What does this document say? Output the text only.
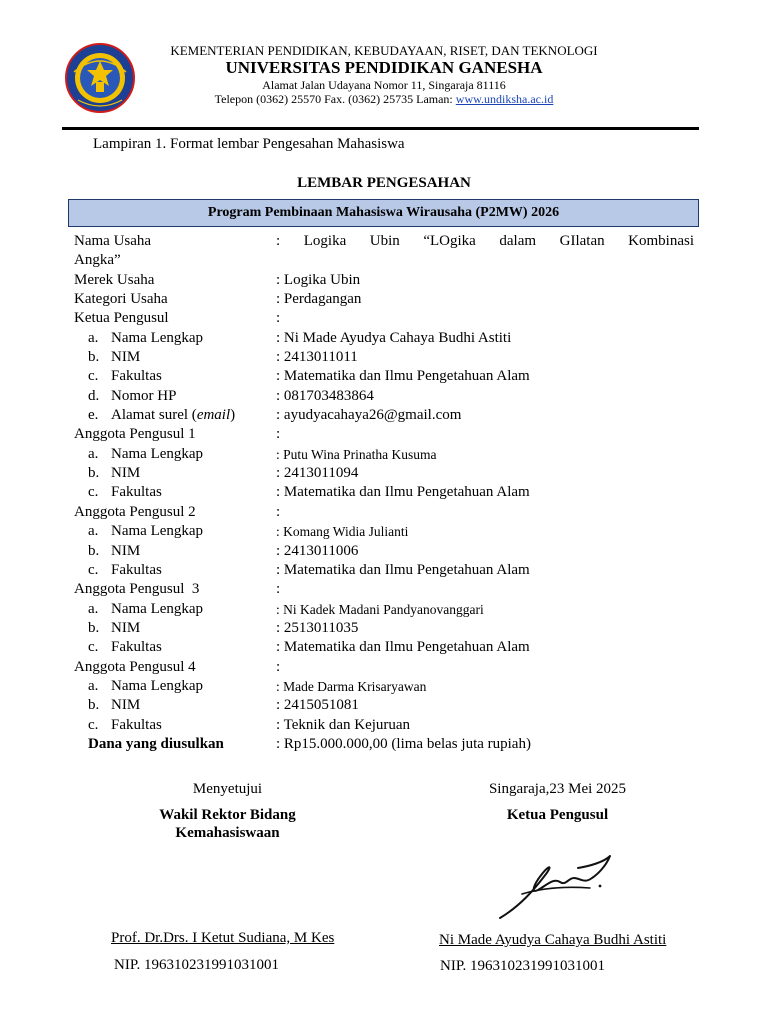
KEMENTERIAN PENDIDIKAN, KEBUDAYAAN, RISET, DAN TEKNOLOGI
UNIVERSITAS PENDIDIKAN GANESHA
Alamat Jalan Udayana Nomor 11, Singaraja 81116
Telepon (0362) 25570 Fax. (0362) 25735 Laman: www.undiksha.ac.id
Lampiran 1. Format lembar Pengesahan Mahasiswa
LEMBAR PENGESAHAN
Program Pembinaan Mahasiswa Wirausaha (P2MW) 2026
Nama Usaha	: Logika Ubin “LOgika dalam GIlatan Kombinasi
Angka”
Merek Usaha	: Logika Ubin
Kategori Usaha	: Perdagangan
Ketua Pengusul	:
a. Nama Lengkap	: Ni Made Ayudya Cahaya Budhi Astiti
b. NIM	: 2413011011
c. Fakultas	: Matematika dan Ilmu Pengetahuan Alam
d. Nomor HP	: 081703483864
e. Alamat surel (email)	: ayudyacahaya26@gmail.com
Anggota Pengusul 1	:
a. Nama Lengkap	: Putu Wina Prinatha Kusuma
b. NIM	: 2413011094
c. Fakultas	: Matematika dan Ilmu Pengetahuan Alam
Anggota Pengusul 2	:
a. Nama Lengkap	: Komang Widia Julianti
b. NIM	: 2413011006
c. Fakultas	: Matematika dan Ilmu Pengetahuan Alam
Anggota Pengusul  3	:
a. Nama Lengkap	: Ni Kadek Madani Pandyanovanggari
b. NIM	: 2513011035
c. Fakultas	: Matematika dan Ilmu Pengetahuan Alam
Anggota Pengusul 4	:
a. Nama Lengkap	: Made Darma Krisaryawan
b. NIM	: 2415051081
c. Fakultas	: Teknik dan Kejuruan
Dana yang diusulkan	: Rp15.000.000,00 (lima belas juta rupiah)
Menyetujui
Wakil Rektor Bidang
Kemahasiswaan
Prof. Dr.Drs. I Ketut Sudiana, M Kes
NIP. 196310231991031001
Singaraja,23 Mei 2025
Ketua Pengusul
Ni Made Ayudya Cahaya Budhi Astiti
NIP. 196310231991031001
